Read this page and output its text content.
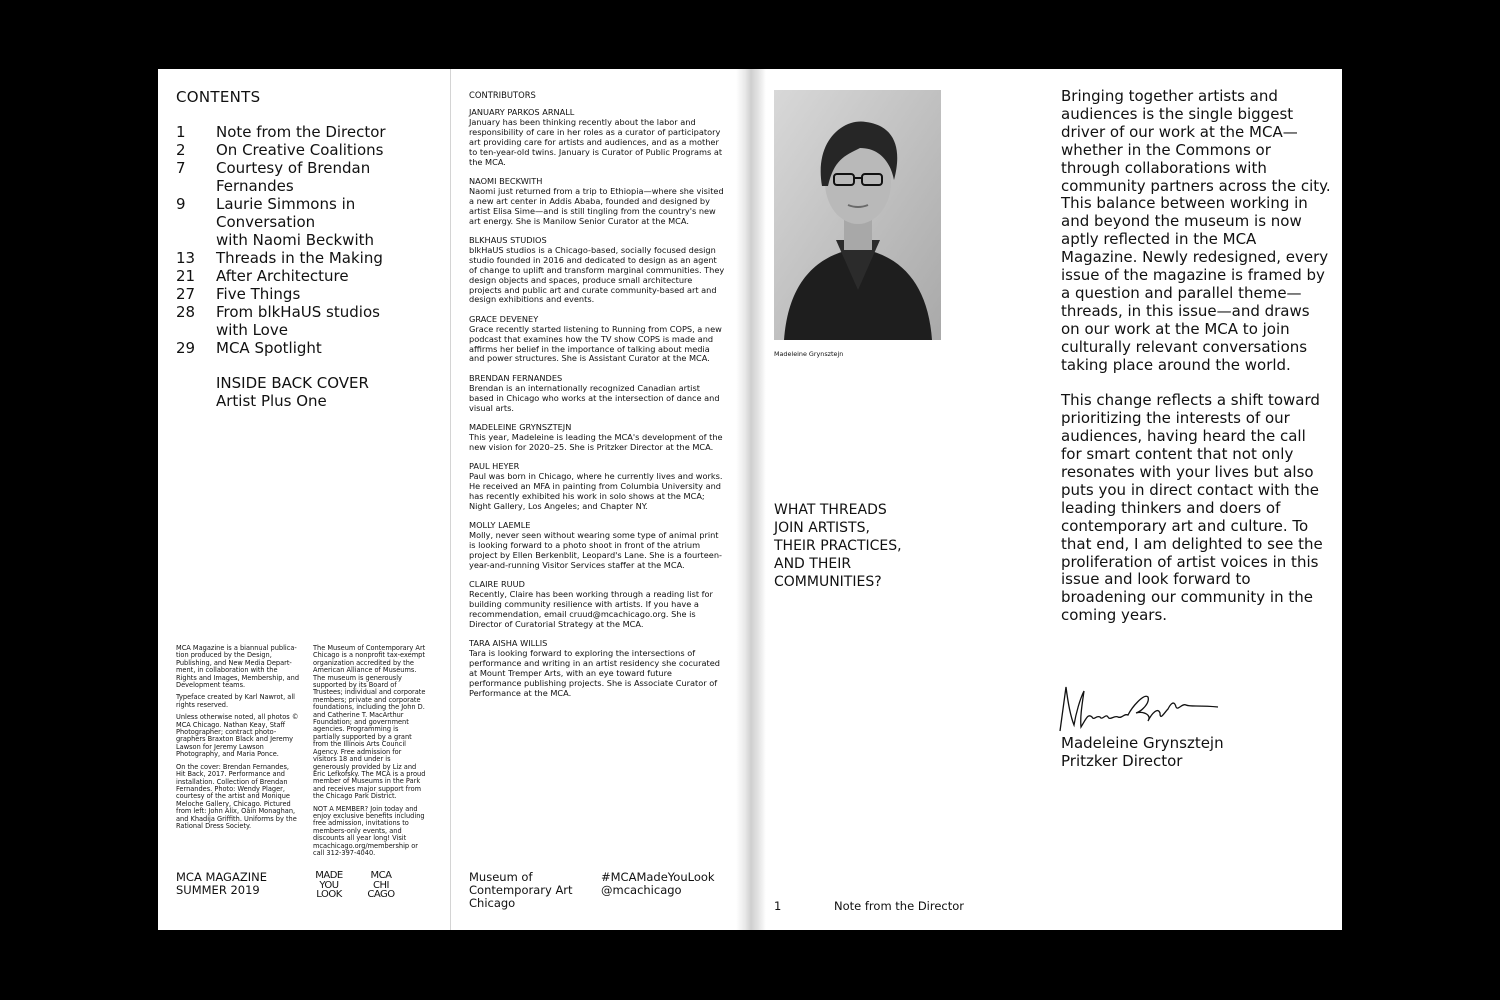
CONTENTS
1	Note from the Director
2	On Creative Coalitions
7	Courtesy of Brendan
Fernandes
9	Laurie Simmons in
Conversation
with Naomi Beckwith
13	Threads in the Making
21	After Architecture
27	Five Things
28	From blkHaUS studios
with Love
29	MCA Spotlight
INSIDE BACK COVER
Artist Plus One

MCA Magazine is a biannual publica- tion produced by the Design, Publishing, and New Media Depart- ment, in collaboration with the Rights and Images, Membership, and Development teams.

Typeface created by Karl Nawrot, all rights reserved.

Unless otherwise noted, all photos © MCA Chicago. Nathan Keay, Staff Photographer; contract photo- graphers Braxton Black and Jeremy Lawson for Jeremy Lawson Photography, and Maria Ponce.

On the cover: Brendan Fernandes, Hit Back, 2017. Performance and installation. Collection of Brendan Fernandes. Photo: Wendy Plager, courtesy of the artist and Monique Meloche Gallery, Chicago. Pictured from left: John Alix, Oâin Monaghan, and Khadija Griffith. Uniforms by the Rational Dress Society.

The Museum of Contemporary Art Chicago is a nonprofit tax-exempt organization accredited by the American Alliance of Museums. The museum is generously supported by its Board of Trustees; individual and corporate members; private and corporate foundations, including the John D. and Catherine T. MacArthur Foundation; and government agencies. Programming is partially supported by a grant from the Illinois Arts Council Agency. Free admission for visitors 18 and under is generously provided by Liz and Eric Lefkofsky. The MCA is a proud member of Museums in the Park and receives major support from the Chicago Park District.

NOT A MEMBER? Join today and enjoy exclusive benefits including free admission, invitations to members-only events, and discounts all year long! Visit mcachicago.org/membership or call 312-397-4040.

MCA MAGAZINE
SUMMER 2019
MADE
YOU
LOOK
MCA
CHI
CAGO
CONTRIBUTORS
JANUARY PARKOS ARNALL
January has been thinking recently about the labor and responsibility of care in her roles as a curator of participatory art providing care for artists and audiences, and as a mother to ten-year-old twins. January is Curator of Public Programs at the MCA.
NAOMI BECKWITH
Naomi just returned from a trip to Ethiopia—where she visited a new art center in Addis Ababa, founded and designed by artist Elisa Sime—and is still tingling from the country's new art energy. She is Manilow Senior Curator at the MCA.
BLKHAUS STUDIOS
blkHaUS studios is a Chicago-based, socially focused design studio founded in 2016 and dedicated to design as an agent of change to uplift and transform marginal communities. They design objects and spaces, produce small architecture projects and public art and curate community-based art and design exhibitions and events.
GRACE DEVENEY
Grace recently started listening to Running from COPS, a new podcast that examines how the TV show COPS is made and affirms her belief in the importance of talking about media and power structures. She is Assistant Curator at the MCA.
BRENDAN FERNANDES
Brendan is an internationally recognized Canadian artist based in Chicago who works at the intersection of dance and visual arts.
MADELEINE GRYNSZTEJN
This year, Madeleine is leading the MCA's development of the new vision for 2020–25. She is Pritzker Director at the MCA.
PAUL HEYER
Paul was born in Chicago, where he currently lives and works. He received an MFA in painting from Columbia University and has recently exhibited his work in solo shows at the MCA; Night Gallery, Los Angeles; and Chapter NY.
MOLLY LAEMLE
Molly, never seen without wearing some type of animal print is looking forward to a photo shoot in front of the atrium project by Ellen Berkenblit, Leopard's Lane. She is a fourteen-year-and-running Visitor Services staffer at the MCA.
CLAIRE RUUD
Recently, Claire has been working through a reading list for building community resilience with artists. If you have a recommendation, email cruud@mcachicago.org. She is Director of Curatorial Strategy at the MCA.
TARA AISHA WILLIS
Tara is looking forward to exploring the intersections of performance and writing in an artist residency she cocurated at Mount Tremper Arts, with an eye toward future performance publishing projects. She is Associate Curator of Performance at the MCA.
Museum of
Contemporary Art
Chicago
#MCAMadeYouLook
@mcachicago
Madeleine Grynsztejn
WHAT THREADS
JOIN ARTISTS,
THEIR PRACTICES,
AND THEIR
COMMUNITIES?
1	Note from the Director

Bringing together artists and audiences is the single biggest driver of our work at the MCA—whether in the Commons or through collaborations with community partners across the city. This balance between working in and beyond the museum is now aptly reflected in the MCA Magazine. Newly redesigned, every issue of the magazine is framed by a question and parallel theme—threads, in this issue—and draws on our work at the MCA to join culturally relevant conversations taking place around the world.

This change reflects a shift toward prioritizing the interests of our audiences, having heard the call for smart content that not only resonates with your lives but also puts you in direct contact with the leading thinkers and doers of contemporary art and culture. To that end, I am delighted to see the proliferation of artist voices in this issue and look forward to broadening our community in the coming years.

Madeleine Grynsztejn
Pritzker Director
